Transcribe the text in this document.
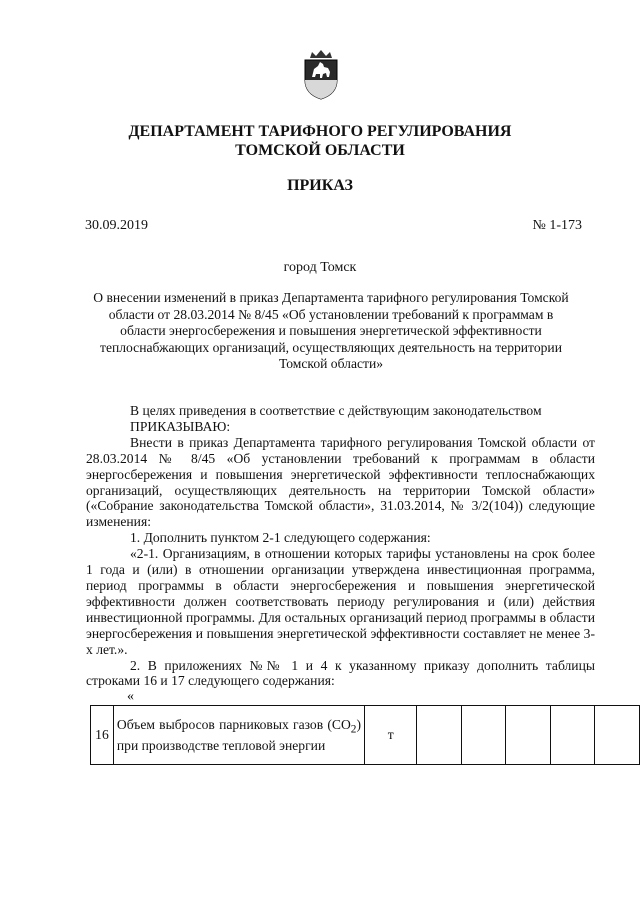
ДЕПАРТАМЕНТ ТАРИФНОГО РЕГУЛИРОВАНИЯ
ТОМСКОЙ ОБЛАСТИ
ПРИКАЗ
30.09.2019	№ 1-173
город Томск
О внесении изменений в приказ Департамента тарифного регулирования Томской
области от 28.03.2014 № 8/45 «Об установлении требований к программам в
области энергосбережения и повышения энергетической эффективности
теплоснабжающих организаций, осуществляющих деятельность на территории
Томской области»

В целях приведения в соответствие с действующим законодательством

ПРИКАЗЫВАЮ:

Внести в приказ Департамента тарифного регулирования Томской области от 28.03.2014 № 8/45 «Об установлении требований к программам в области энергосбережения и повышения энергетической эффективности теплоснабжающих организаций, осуществляющих деятельность на территории Томской области» («Собрание законодательства Томской области», 31.03.2014, № 3/2(104)) следующие изменения:

1. Дополнить пунктом 2-1 следующего содержания:

«2-1. Организациям, в отношении которых тарифы установлены на срок более 1 года и (или) в отношении организации утверждена инвестиционная программа, период программы в области энергосбережения и повышения энергетической эффективности должен соответствовать периоду регулирования и (или) действия инвестиционной программы. Для остальных организаций период программы в области энергосбережения и повышения энергетической эффективности составляет не менее 3-х лет.».

2. В приложениях №№ 1 и 4 к указанному приказу дополнить таблицы строками 16 и 17 следующего содержания:

«
16	Объем выбросов парниковых газов $(CO_2)$ при производстве тепловой энергии	т					
